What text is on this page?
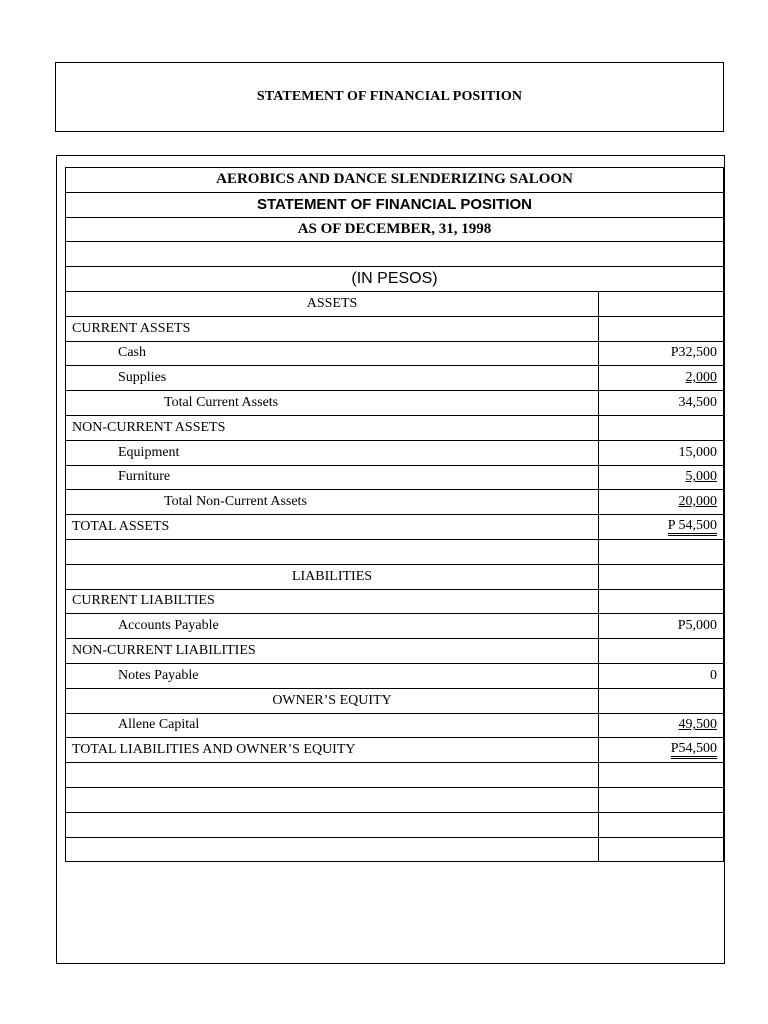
STATEMENT OF FINANCIAL POSITION
AEROBICS AND DANCE SLENDERIZING SALOON	
STATEMENT OF FINANCIAL POSITION	
AS OF DECEMBER, 31, 1998	

(IN PESOS)	
ASSETS	
CURRENT ASSETS	
Cash	P32,500
Supplies	2,000
Total Current Assets	34,500
NON-CURRENT ASSETS	
Equipment	15,000
Furniture	5,000
Total Non-Current Assets	20,000
TOTAL ASSETS	P 54,500

LIABILITIES	
CURRENT LIABILTIES	
Accounts Payable	P5,000
NON-CURRENT LIABILITIES	
Notes Payable	0
OWNER’S EQUITY	
Allene Capital	49,500
TOTAL LIABILITIES AND OWNER’S EQUITY	P54,500
